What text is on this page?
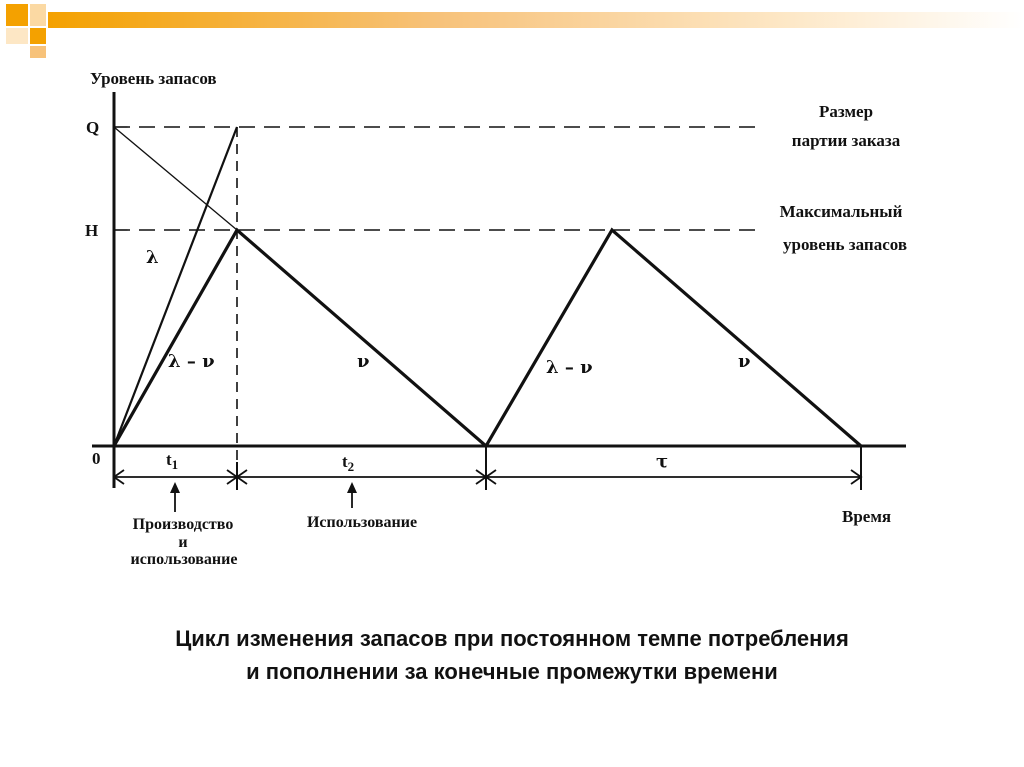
Уровень запасов
Время
Q
H
0
Размер
партии заказа
Максимальный
уровень запасов
λ
λ – ν	ν	λ – ν	ν
$t_1$	$t_2$	τ
Производство
и
использование
Использование
Цикл изменения запасов при постоянном темпе потребления
и пополнении за конечные промежутки времени
